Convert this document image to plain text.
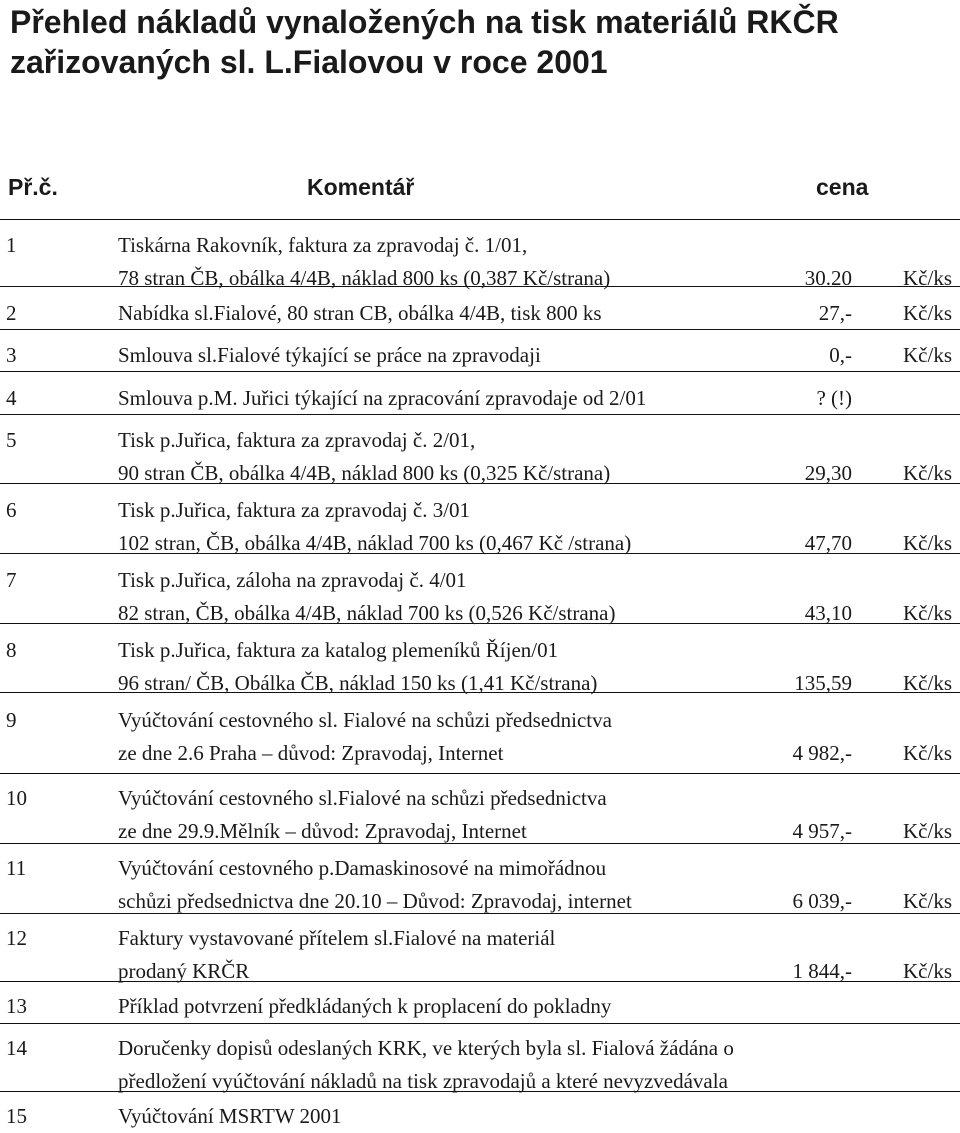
Přehled nákladů vynaložených na tisk materiálů RKČR
zařizovaných sl. L.Fialovou v roce 2001
Př.č.	Komentář	cena
1	Tiskárna Rakovník, faktura za zpravodaj č. 1/01,
78 stran ČB, obálka 4/4B, náklad 800 ks (0,387 Kč/strana)	30.20 Kč/ks
2	Nabídka sl.Fialové, 80 stran CB, obálka 4/4B, tisk 800 ks	27,- Kč/ks
3	Smlouva sl.Fialové týkající se práce na zpravodaji	0,- Kč/ks
4	Smlouva p.M. Juřici týkající na zpracování zpravodaje od 2/01	? (!)
5	Tisk p.Juřica, faktura za zpravodaj č. 2/01,
90 stran ČB, obálka 4/4B, náklad 800 ks (0,325 Kč/strana)	29,30 Kč/ks
6	Tisk p.Juřica, faktura za zpravodaj č. 3/01
102 stran, ČB, obálka 4/4B, náklad 700 ks (0,467 Kč /strana)	47,70 Kč/ks
7	Tisk p.Juřica, záloha na zpravodaj č. 4/01
82 stran, ČB, obálka 4/4B, náklad 700 ks (0,526 Kč/strana)	43,10 Kč/ks
8	Tisk p.Juřica, faktura za katalog plemeníků Říjen/01
96 stran/ ČB, Obálka ČB, náklad 150 ks (1,41 Kč/strana)	135,59 Kč/ks
9	Vyúčtování cestovného sl. Fialové na schůzi předsednictva
ze dne 2.6 Praha – důvod: Zpravodaj, Internet	4 982,- Kč/ks
10	Vyúčtování cestovného sl.Fialové na schůzi předsednictva
ze dne 29.9.Mělník – důvod: Zpravodaj, Internet	4 957,- Kč/ks
11	Vyúčtování cestovného p.Damaskinosové na mimořádnou
schůzi předsednictva dne 20.10 – Důvod: Zpravodaj, internet	6 039,- Kč/ks
12	Faktury vystavované přítelem sl.Fialové na materiál
prodaný KRČR	1 844,- Kč/ks
13	Příklad potvrzení předkládaných k proplacení do pokladny
14	Doručenky dopisů odeslaných KRK, ve kterých byla sl. Fialová žádána o
předložení vyúčtování nákladů na tisk zpravodajů a které nevyzvedávala
15	Vyúčtování MSRTW 2001
